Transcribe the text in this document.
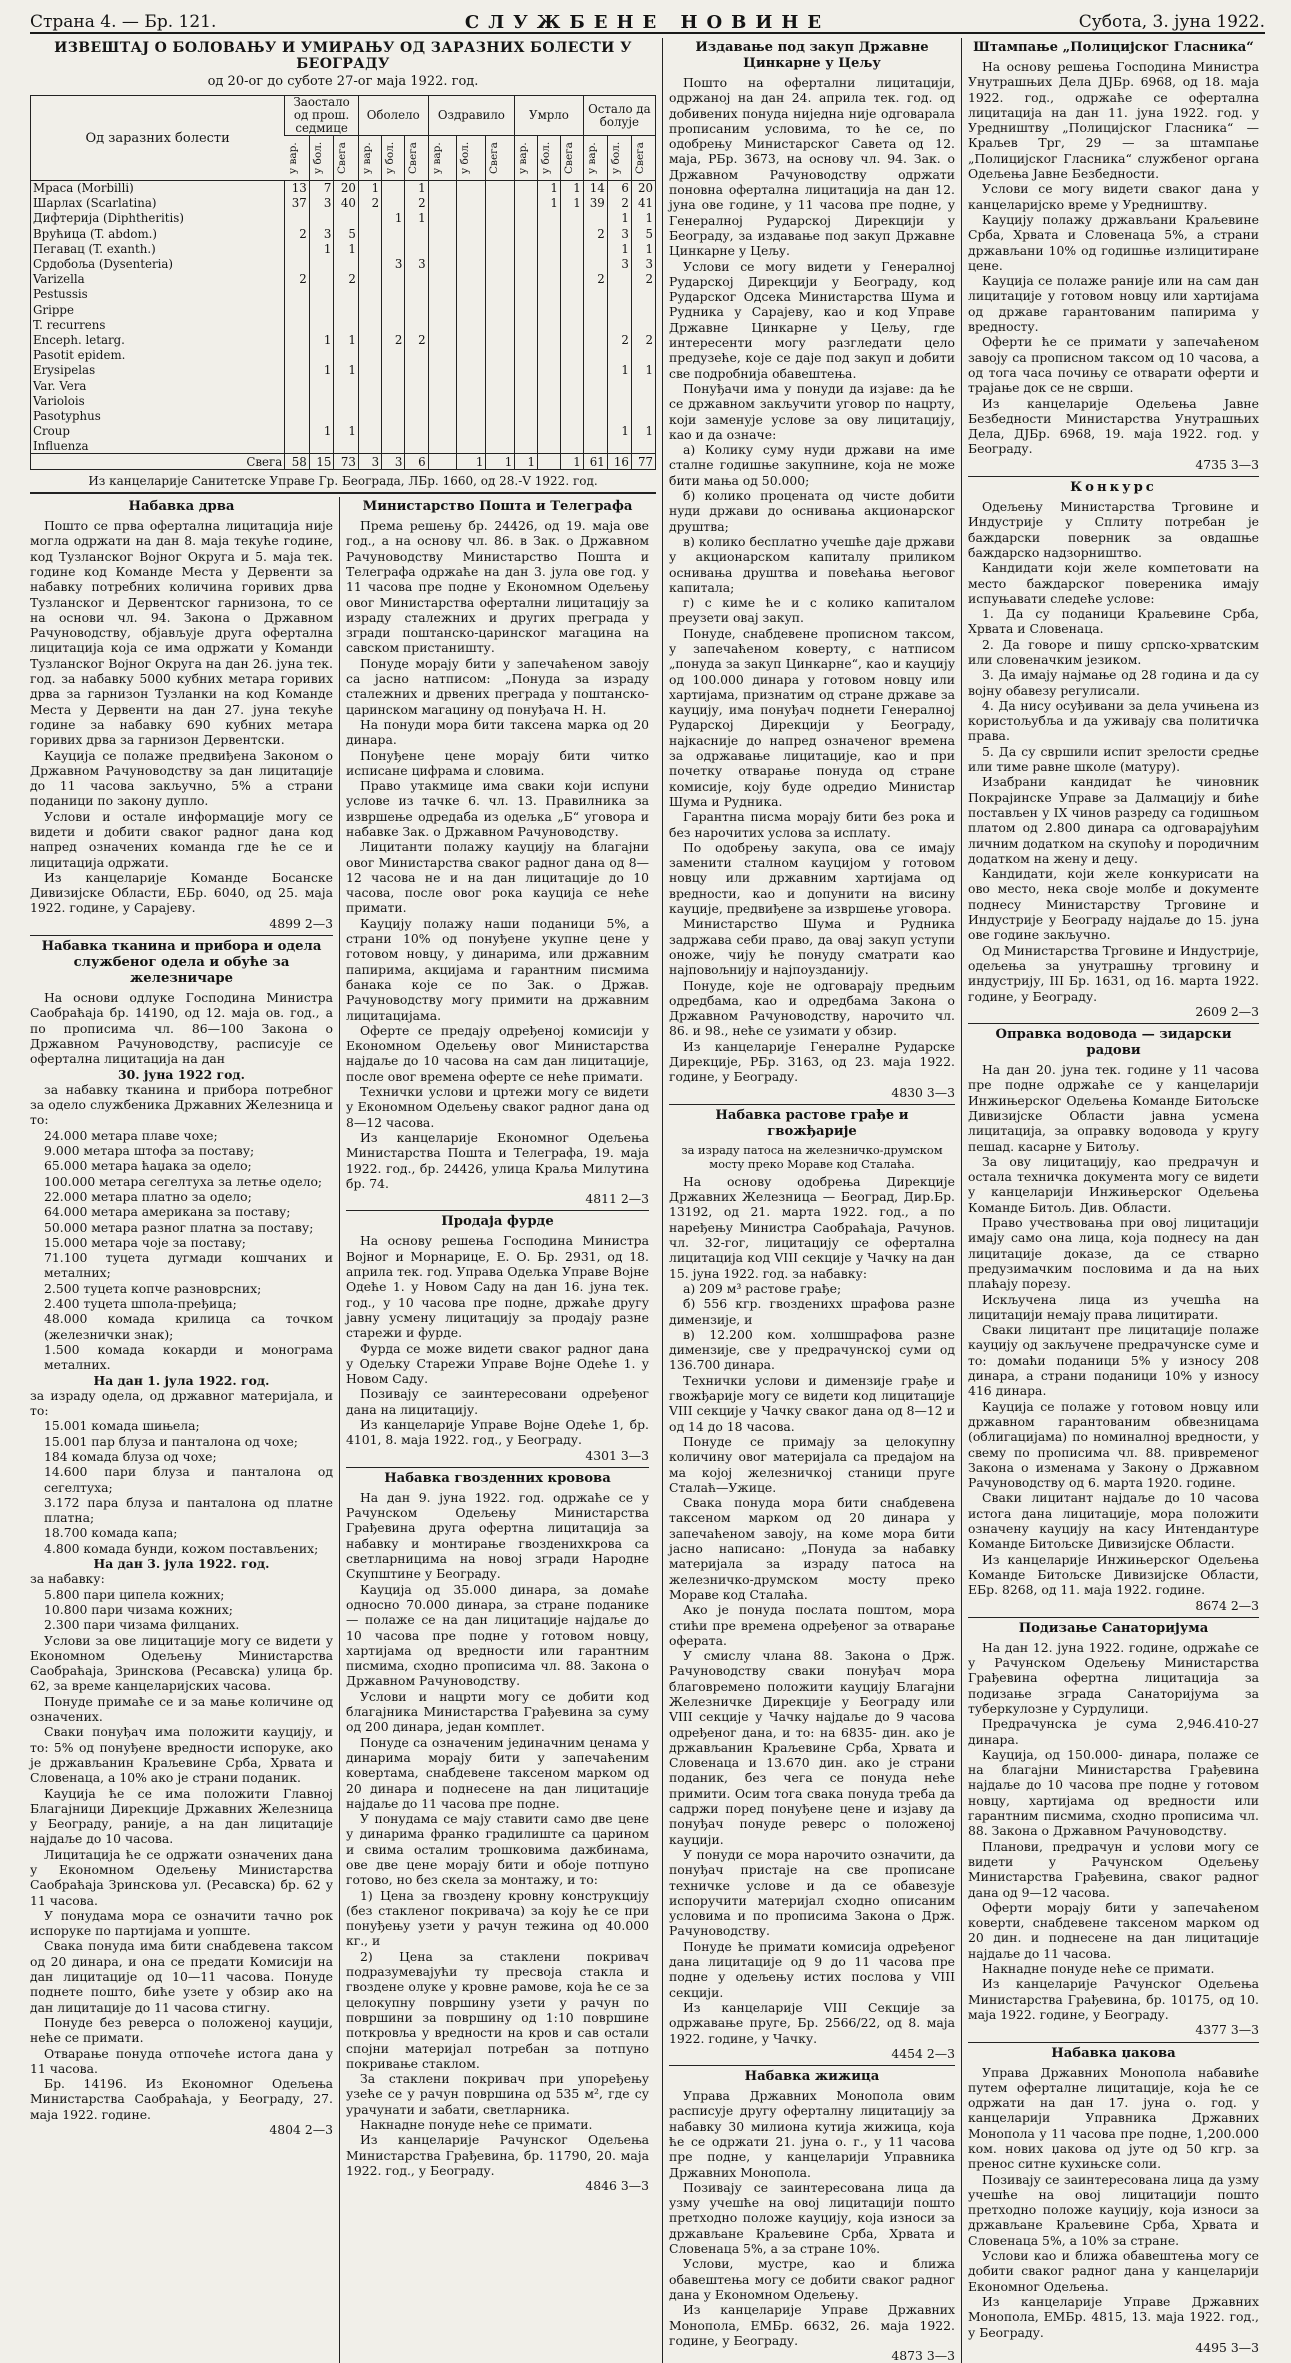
Страна 4. — Бр. 121.	СЛУЖБЕНЕ НОВИНЕ	Субота, 3. јуна 1922.
ИЗВЕШТАЈ О БОЛОВАЊУ И УМИРАЊУ ОД ЗАРАЗНИХ БОЛЕСТИ У БЕОГРАДУ
од 20-ог до суботе 27-ог маја 1922. год.
Од заразних болести	Заостало од прош. седмице			Оболело			Оздравило			Умрло			Остало да болује		

	у вар.	у бол.	Свега	у вар.	у бол.	Свега	у вар.	у бол.	Свега	у вар.	у бол.	Свега	у вар.	у бол.	Свега

Мраса (Morbilli)	13	7	20	1		1					1	1	14	6	20
Шарлах (Scarlatina)	37	3	40	2		2					1	1	39	2	41
Дифтерија (Diphtheritis)					1	1								1	1
Врућица (T. abdom.)	2	3	5										2	3	5
Пегавац (T. exanth.)		1	1											1	1
Срдобоља (Dysenteria)					3	3								3	3
Varizella	2		2										2		2
Pestussis															
Grippe															
T. recurrens															
Enceph. letarg.		1	1		2	2								2	2
Pasotit epidem.															
Erysipelas		1	1											1	1
Var. Vera															
Variolois															
Pasotyphus															
Croup		1	1											1	1
Influenza															
Свега	58	15	73	3	3	6		1	1	1		1	61	16	77
Из канцеларије Санитетске Управе Гр. Београда, ЛБр. 1660, од 28.-V 1922. год.
Набавка дрва

Пошто се прва офертална лицитација није могла одржати на дан 8. маја текуће године, код Тузланског Војног Округа и 5. маја тек. године код Команде Места у Дервенти за набавку потребних количина горивих дрва Тузланског и Дервентског гарнизона, то се на основи чл. 94. Закона о Државном Рачуноводству, објављује друга офертална лицитација која се има одржати у Команди Тузланског Војног Округа на дан 26. јуна тек. год. за набавку 5000 кубних метара горивих дрва за гарнизон Тузланки на код Команде Места у Дервенти на дан 27. јуна текуће године за набавку 690 кубних метара горивих дрва за гарнизон Дервентски.

Кауција се полаже предвиђена Законом о Државном Рачуноводству за дан лицитације до 11 часова закључно, 5% а страни поданици по закону дупло.

Услови и остале информације могу се видети и добити сваког радног дана код напред означених команда где ће се и лицитација одржати.

Из канцеларије Команде Босанске Дивизијске Области, ЕБр. 6040, од 25. маја 1922. године, у Сарајеву.

4899 2—3

Набавка тканина и прибора и одела службеног одела и обуће за железничаре

На основи одлуке Господина Министра Саобраћаја бр. 14190, од 12. маја ов. год., а по прописима чл. 86—100 Закона о Државном Рачуноводству, расписује се офертална лицитација на дан

30. јуна 1922 год.

за набавку тканина и прибора потребног за одело службеника Државних Железница и то:

24.000 метара плаве чохе;

9.000 метара штофа за поставу;

65.000 метара ћаџака за одело;

100.000 метара сегелтуха за летње одело;

22.000 метара платно за одело;

64.000 метара американа за поставу;

50.000 метара разног платна за поставу;

15.000 метара чоје за поставу;

71.100 туцета дугмади кошчаних и металних;

2.500 туцета копче разноврсних;

2.400 туцета шпола-пређица;

48.000 комада крилица са точком (железнички знак);

1.500 комада кокарди и монограма металних.

На дан 1. јула 1922. год.

за израду одела, од државног материјала, и то:

15.001 комада шињела;

15.001 пар блуза и панталона од чохе;

184 комада блуза од чохе;

14.600 пари блуза и панталона од сегелтуха;

3.172 пара блуза и панталона од платне платна;

18.700 комада капа;

4.800 комада бунди, кожом постављених;

На дан 3. јула 1922. год.

за набавку:

5.800 пари ципела кожних;

10.800 пари чизама кожних;

2.300 пари чизама филцаних.

Услови за ове лицитације могу се видети у Економном Одељењу Министарства Саобраћаја, Зринскова (Ресавска) улица бр. 62, за време канцеларијских часова.

Понуде примаће се и за мање количине од означених.

Сваки понуђач има положити кауцију, и то: 5% од понуђене вредности испоруке, ако је држављанин Краљевине Срба, Хрвата и Словенаца, а 10% ако је страни поданик.

Кауција ће се има положити Главној Благајници Дирекције Државних Железница у Београду, раније, а на дан лицитације најдаље до 10 часова.

Лицитација ће се одржати означених дана у Економном Одељењу Министарства Саобраћаја Зринскова ул. (Ресавска) бр. 62 у 11 часова.

У понудама мора се означити тачно рок испоруке по партијама и уопште.

Свака понуда има бити снабдевена таксом од 20 динара, и она се предати Комисији на дан лицитације од 10—11 часова. Понуде поднете пошто, биће узете у обзир ако на дан лицитације до 11 часова стигну.

Понуде без реверса о положеној кауцији, неће се примати.

Отварање понуда отпочеће истога дана у 11 часова.

Бр. 14196. Из Економног Одељења Министарства Саобраћаја, у Београду, 27. маја 1922. године.

4804 2—3

Министарство Пошта и Телеграфа

Према решењу бр. 24426, од 19. маја ове год., а на основу чл. 86. в Зак. о Државном Рачуноводству Министарство Пошта и Телеграфа одржаће на дан 3. јула ове год. у 11 часова пре подне у Економном Одељењу овог Министарства офертални лицитацију за израду сталежних и других преграда у згради поштанско-царинског магацина на савском пристаништу.

Понуде морају бити у запечаћеном завоју са јасно натписом: „Понуда за израду сталежних и дрвених преграда у поштанско-царинском магацину од понуђача Н. Н.

На понуди мора бити таксена марка од 20 динара.

Понуђене цене морају бити читко исписане цифрама и словима.

Право утакмице има сваки који испуни услове из тачке 6. чл. 13. Правилника за извршење одредаба из одељка „Б“ уговора и набавке Зак. о Државном Рачуноводству.

Лицитанти полажу кауцију на благајни овог Министарства сваког радног дана од 8—12 часова не и на дан лицитације до 10 часова, после овог рока кауција се неће примати.

Кауцију полажу наши поданици 5%, а страни 10% од понуђене укупне цене у готовом новцу, у динарима, или државним папирима, акцијама и гарантним писмима банака које се по Зак. о Држав. Рачуноводству могу примити на државним лицитацијама.

Оферте се предају одређеној комисији у Економном Одељењу овог Министарства најдаље до 10 часова на сам дан лицитације, после овог времена оферте се неће примати.

Технички услови и цртежи могу се видети у Економном Одељењу сваког радног дана од 8—12 часова.

Из канцеларије Економног Одељења Министарства Пошта и Телеграфа, 19. маја 1922. год., бр. 24426, улица Краља Милутина бр. 74.

4811 2—3

Продаја фурде

На основу решења Господина Министра Војног и Морнарице, Е. О. Бр. 2931, од 18. априла тек. год. Управа Одељка Управе Војне Одеће 1. у Новом Саду на дан 16. јуна тек. год., у 10 часова пре подне, држаће другу јавну усмену лицитацију за продају разне старежи и фурде.

Фурда се може видети сваког радног дана у Одељку Старежи Управе Војне Одеће 1. у Новом Саду.

Позивају се заинтересовани одређеног дана на лицитацију.

Из канцеларије Управе Војне Одеће 1, бр. 4101, 8. маја 1922. год., у Београду.

4301 3—3

Набавка гвозденних кровова

На дан 9. јуна 1922. год. одржаће се у Рачунском Одељењу Министарства Грађевина друга офертна лицитација за набавку и монтирање гвозденихкрова са светларницима на новој згради Народне Скупштине у Београду.

Кауција од 35.000 динара, за домаће односно 70.000 динара, за стране поданике — полаже се на дан лицитације најдаље до 10 часова пре подне у готовом новцу, хартијама од вредности или гарантним писмима, сходно прописима чл. 88. Закона о Државном Рачуноводству.

Услови и нацрти могу се добити код благајника Министарства Грађевина за суму од 200 динара, један комплет.

Понуде са означеним јединачним ценама у динарима морају бити у запечаћеним ковертама, снабдевене таксеном марком од 20 динара и поднесене на дан лицитације најдаље до 11 часова пре подне.

У понудама се мају ставити само две цене у динарима франко градилиште са царином и свима осталим трошковима дажбинама, ове две цене морају бити и обоје потпуно готово, но без скела за монтажу, и то:

1) Цена за гвоздену кровну конструкцију (без стакленог покривача) за коју ће се при понуђењу узети у рачун тежина од 40.000 кг., и

2) Цена за стаклени покривач подразумевајући ту пресвоја стакла и гвоздене олуке у кровне рамове, која ће се за целокупну површину узети у рачун по површини за површину од 1:10 површине поткровља у вредности на кров и сав остали спојни материјал потребан за потпуно покривање стаклом.

За стаклени покривач при упоређењу узеће се у рачун површина од 535 м², где су урачунати и забати, светларника.

Накнадне понуде неће се примати.

Из канцеларије Рачунског Одељења Министарства Грађевина, бр. 11790, 20. маја 1922. год., у Београду.

4846 3—3

Издавање под закуп Државне Цинкарне у Цељу

Пошто на офертални лицитацији, одржаној на дан 24. априла тек. год. од добивених понуда ниједна није одговарала прописаним условима, то ће се, по одобрењу Министарског Савета од 12. маја, РБр. 3673, на основу чл. 94. Зак. о Државном Рачуноводству одржати поновна офертална лицитација на дан 12. јуна ове године, у 11 часова пре подне, у Генералној Рударској Дирекцији у Београду, за издавање под закуп Државне Цинкарне у Цељу.

Услови се могу видети у Генералној Рударској Дирекцији у Београду, код Рударског Одсека Министарства Шума и Рудника у Сарајеву, као и код Управе Државне Цинкарне у Цељу, где интересенти могу разгледати цело предузеће, које се даје под закуп и добити све подробнија обавештења.

Понуђачи има у понуди да изјаве: да ће се државном закључити уговор по нацрту, који заменује услове за ову лицитацију, као и да означе:

а) Колику суму нуди држави на име сталне годишње закупнине, која не може бити мања од 50.000;

б) колико процената од чисте добити нуди држави до оснивања акционарског друштва;

в) колико бесплатно учешће даје држави у акционарском капиталу приликом оснивања друштва и повећања његовог капитала;

г) с киме ће и с колико капиталом преузети овај закуп.

Понуде, снабдевене прописном таксом, у запечаћеном коверту, с натписом „понуда за закуп Цинкарне“, као и кауцију од 100.000 динара у готовом новцу или хартијама, признатим од стране државе за кауцију, има понуђач поднети Генералној Рударској Дирекцији у Београду, најкасније до напред означеног времена за одржавање лицитације, као и при почетку отварање понуда од стране комисије, коју буде одредио Министар Шума и Рудника.

Гарантна писма морају бити без рока и без нарочитих услова за исплату.

По одобрењу закупа, ова се имају заменити сталном кауцијом у готовом новцу или државним хартијама од вредности, као и допунити на висину кауције, предвиђене за извршење уговора.

Министарство Шума и Рудника задржава себи право, да овај закуп уступи оноже, чију ће понуду сматрати као најповољнију и најпоузданију.

Понуде, које не одговарају предњим одредбама, као и одредбама Закона о Државном Рачуноводству, нарочито чл. 86. и 98., неће се узимати у обзир.

Из канцеларије Генералне Рударске Дирекције, РБр. 3163, од 23. маја 1922. године, у Београду.

4830 3—3

Набавка растове грађе и гвожђарије
за израду патоса на железничко-друмском мосту преко Мораве код Сталаћа.

На основу одобрења Дирекције Државних Железница — Београд, Дир.Бр. 13192, од 21. марта 1922. год., а по наређењу Министра Саобраћаја, Рачунов. чл. 32-гог, лицитацију се офертална лицитација код VIII секције у Чачку на дан 15. јуна 1922. год. за набавку:

а) 209 м³ растове грађе;

б) 556 кгр. гвозденихх шрафова разне димензије, и

в) 12.200 ком. холшшрафова разне димензије, све у предрачунској суми од 136.700 динара.

Технички услови и димензије грађе и гвожђарије могу се видети код лицитације VIII секције у Чачку сваког дана од 8—12 и од 14 до 18 часова.

Понуде се примају за целокупну количину овог материјала са предајом на ма којој железничкој станици пруге Сталаћ—Ужице.

Свака понуда мора бити снабдевена таксеном марком од 20 динара у запечаћеном завоју, на коме мора бити јасно написано: „Понуда за набавку материјала за израду патоса на железничко-друмском мосту преко Мораве код Сталаћа.

Ако је понуда послата поштом, мора стићи пре времена одређеног за отварање оферата.

У смислу члана 88. Закона о Држ. Рачуноводству сваки понуђач мора благовремено положити кауцију Благајни Железничке Дирекције у Београду или VIII секције у Чачку најдаље до 9 часова одређеног дана, и то: на 6835- дин. ако је држављанин Краљевине Срба, Хрвата и Словенаца и 13.670 дин. ако је страни поданик, без чега се понуда неће примити. Осим тога свака понуда треба да садржи поред понуђене цене и изјаву да понуђач понуде реверс о положеној кауцији.

У понуди се мора нарочито означити, да понуђач пристаје на све прописане техничке услове и да се обавезује испоручити материјал сходно описаним условима и по прописима Закона о Држ. Рачуноводству.

Понуде ће примати комисија одређеног дана лицитације од 9 до 11 часова пре подне у одељењу истих послова у VIII секцији.

Из канцеларије VIII Секције за одржавање пруге, Бр. 2566/22, од 8. маја 1922. године, у Чачку.

4454 2—3

Набавка жижица

Управа Државних Монопола овим расписује другу оферталну лицитацију за набавку 30 милиона кутија жижица, која ће се одржати 21. јуна о. г., у 11 часова пре подне, у канцеларији Управника Државних Монопола.

Позивају се заинтересована лица да узму учешће на овој лицитацији пошто претходно положе кауцију, која износи за држављане Краљевине Срба, Хрвата и Словенаца 5%, а за стране 10%.

Услови, мустре, као и ближа обавештења могу се добити сваког радног дана у Економном Одељењу.

Из канцеларије Управе Државних Монопола, ЕМБр. 6632, 26. маја 1922. године, у Београду.

4873 3—3

Штампање „Полицијског Гласника“

На основу решења Господина Министра Унутрашњих Дела ДЈБр. 6968, од 18. маја 1922. год., одржаће се офертална лицитација на дан 11. јуна 1922. год. у Уредништву „Полицијског Гласника“ — Краљев Трг, 29 — за штампање „Полицијског Гласника“ службеног органа Одељења Јавне Безбедности.

Услови се могу видети сваког дана у канцеларијско време у Уредништву.

Кауцију полажу држављани Краљевине Срба, Хрвата и Словенаца 5%, а страни држављани 10% од годишње излицитиране цене.

Кауција се полаже раније или на сам дан лицитације у готовом новцу или хартијама од државе гарантованим папирима у вредносту.

Оферти ће се примати у запечаћеном завоју са прописном таксом од 10 часова, а од тога часа почињу се отварати оферти и трајање док се не сврши.

Из канцеларије Одељења Јавне Безбедности Министарства Унутрашњих Дела, ДЈБр. 6968, 19. маја 1922. год. у Београду.

4735 3—3

Конкурс

Одељењу Министарства Трговине и Индустрије у Сплиту потребан је баждарски поверник за овдашње баждарско надзорништво.

Кандидати који желе компетовати на место баждарског повереника имају испуњавати следеће услове:

1. Да су поданици Краљевине Срба, Хрвата и Словенаца.

2. Да говоре и пишу српско-хрватским или словеначким језиком.

3. Да имају најмање од 28 година и да су војну обавезу регулисали.

4. Да нису осуђивани за дела учињена из користољубља и да уживају сва политичка права.

5. Да су свршили испит зрелости средње или тиме равне школе (матуру).

Изабрани кандидат ће чиновник Покрајинске Управе за Далмацију и биће постављен у IX чинов разреду са годишњом платом од 2.800 динара са одговарајућим личним додатком на скупоћу и породичним додатком на жену и децу.

Кандидати, који желе конкурисати на ово место, нека своје молбе и документе поднесу Министарству Трговине и Индустрије у Београду најдаље до 15. јуна ове године закључно.

Од Министарства Трговине и Индустрије, одељења за унутрашњу трговину и индустрију, III Бр. 1631, од 16. марта 1922. године, у Београду.

2609 2—3

Оправка водовода — зидарски радови

На дан 20. јуна тек. године у 11 часова пре подне одржаће се у канцеларији Инжињерског Одељења Команде Битољске Дивизијске Области јавна усмена лицитација, за оправку водовода у кругу пешад. касарне у Битољу.

За ову лицитацију, као предрачун и остала техничка документа могу се видети у канцеларији Инжињерског Одељења Команде Битољ. Див. Области.

Право учествовања при овој лицитацији имају само она лица, која поднесу на дан лицитације доказе, да се стварно предузимачким пословима и да на њих плаћају порезу.

Искључена лица из учешћа на лицитацији немају права лицитирати.

Сваки лицитант пре лицитације полаже кауцију од закључене предрачунске суме и то: домаћи поданици 5% у износу 208 динара, а страни поданици 10% у износу 416 динара.

Кауција се полаже у готовом новцу или државном гарантованим обвезницама (облигацијама) по номиналној вредности, у свему по прописима чл. 88. привременог Закона о изменама у Закону о Државном Рачуноводству од 6. марта 1920. године.

Сваки лицитант најдаље до 10 часова истога дана лицитације, мора положити означену кауцију на касу Интендантуре Команде Битољске Дивизијске Области.

Из канцеларије Инжињерског Одељења Команде Битољске Дивизијске Области, ЕБр. 8268, од 11. маја 1922. године.

8674 2—3

Подизање Санаторијума

На дан 12. јуна 1922. године, одржаће се у Рачунском Одељењу Министарства Грађевина офертна лицитација за подизање зграда Санаторијума за туберкулозне у Сурдулици.

Предрачунска је сума 2,946.410-27 динара.

Кауција, од 150.000- динара, полаже се на благајни Министарства Грађевина најдаље до 10 часова пре подне у готовом новцу, хартијама од вредности или гарантним писмима, сходно прописима чл. 88. Закона о Државном Рачуноводству.

Планови, предрачун и услови могу се видети у Рачунском Одељењу Министарства Грађевина, сваког радног дана од 9—12 часова.

Оферти морају бити у запечаћеном коверти, снабдевене таксеном марком од 20 дин. и поднесене на дан лицитације најдаље до 11 часова.

Накнадне понуде неће се примати.

Из канцеларије Рачунског Одељења Министарства Грађевина, бр. 10175, од 10. маја 1922. године, у Београду.

4377 3—3

Набавка џакова

Управа Државних Монопола набавиће путем оферталне лицитације, која ће се одржати на дан 17. јуна о. год. у канцеларији Управника Државних Монопола у 11 часова пре подне, 1,200.000 ком. нових џакова од јуте од 50 кгр. за пренос ситне кухињске соли.

Позивају се заинтересована лица да узму учешће на овој лицитацији пошто претходно положе кауцију, која износи за држављане Краљевине Срба, Хрвата и Словенаца 5%, а 10% за стране.

Услови као и ближа обавештења могу се добити сваког радног дана у канцеларији Економног Одељења.

Из канцеларије Управе Државних Монопола, ЕМБр. 4815, 13. маја 1922. год., у Београду.

4495 3—3
